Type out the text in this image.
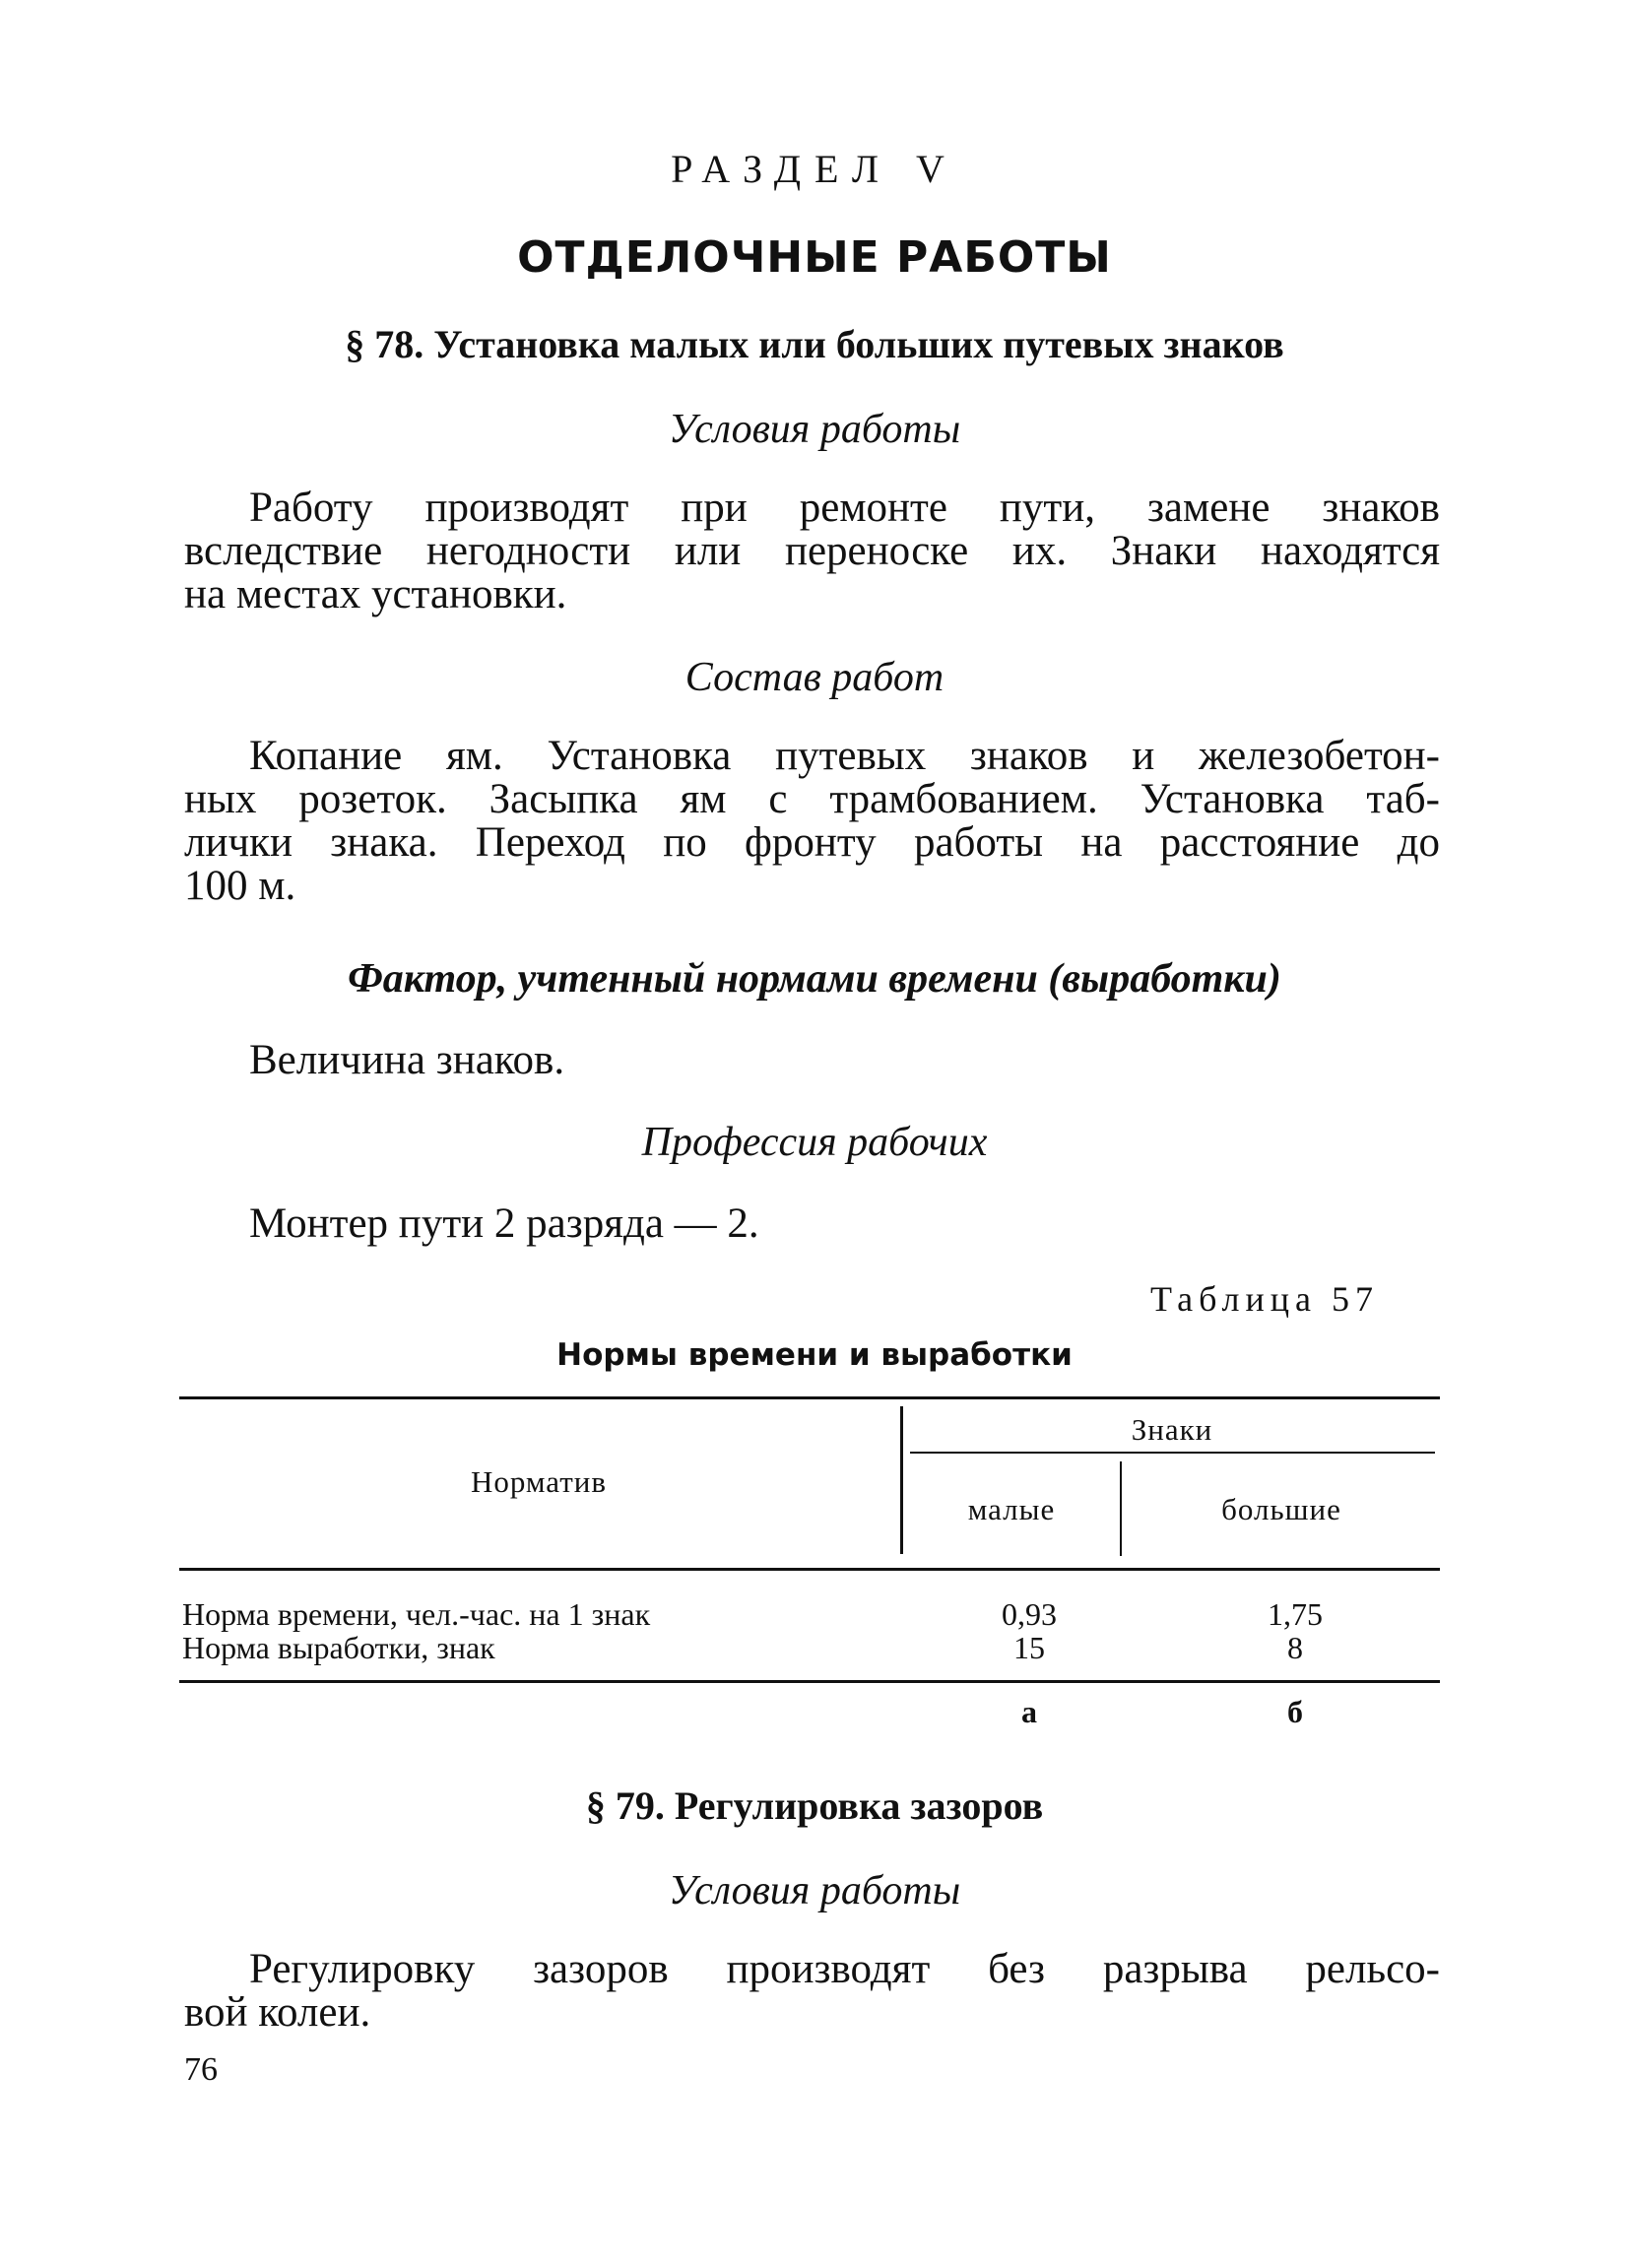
РАЗДЕЛ V
ОТДЕЛОЧНЫЕ РАБОТЫ
§ 78. Установка малых или больших путевых знаков
Условия работы
Работу производят при ремонте пути, замене знаков
вследствие негодности или переноске их. Знаки находятся
на местах установки.
Состав работ
Копание ям. Установка путевых знаков и железобетон-
ных розеток. Засыпка ям с трамбованием. Установка таб-
лички знака. Переход по фронту работы на расстояние до
100 м.
Фактор, учтенный нормами времени (выработки)
Величина знаков.
Профессия рабочих
Монтер пути 2 разряда — 2.
Таблица 57
Нормы времени и выработки
Норматив
Знаки
малые	большие
Норма времени, чел.-час. на 1 знак	0,93	1,75
Норма выработки, знак	15	8
а	б
§ 79. Регулировка зазоров
Условия работы
Регулировку зазоров производят без разрыва рельсо-
вой колеи.
76
